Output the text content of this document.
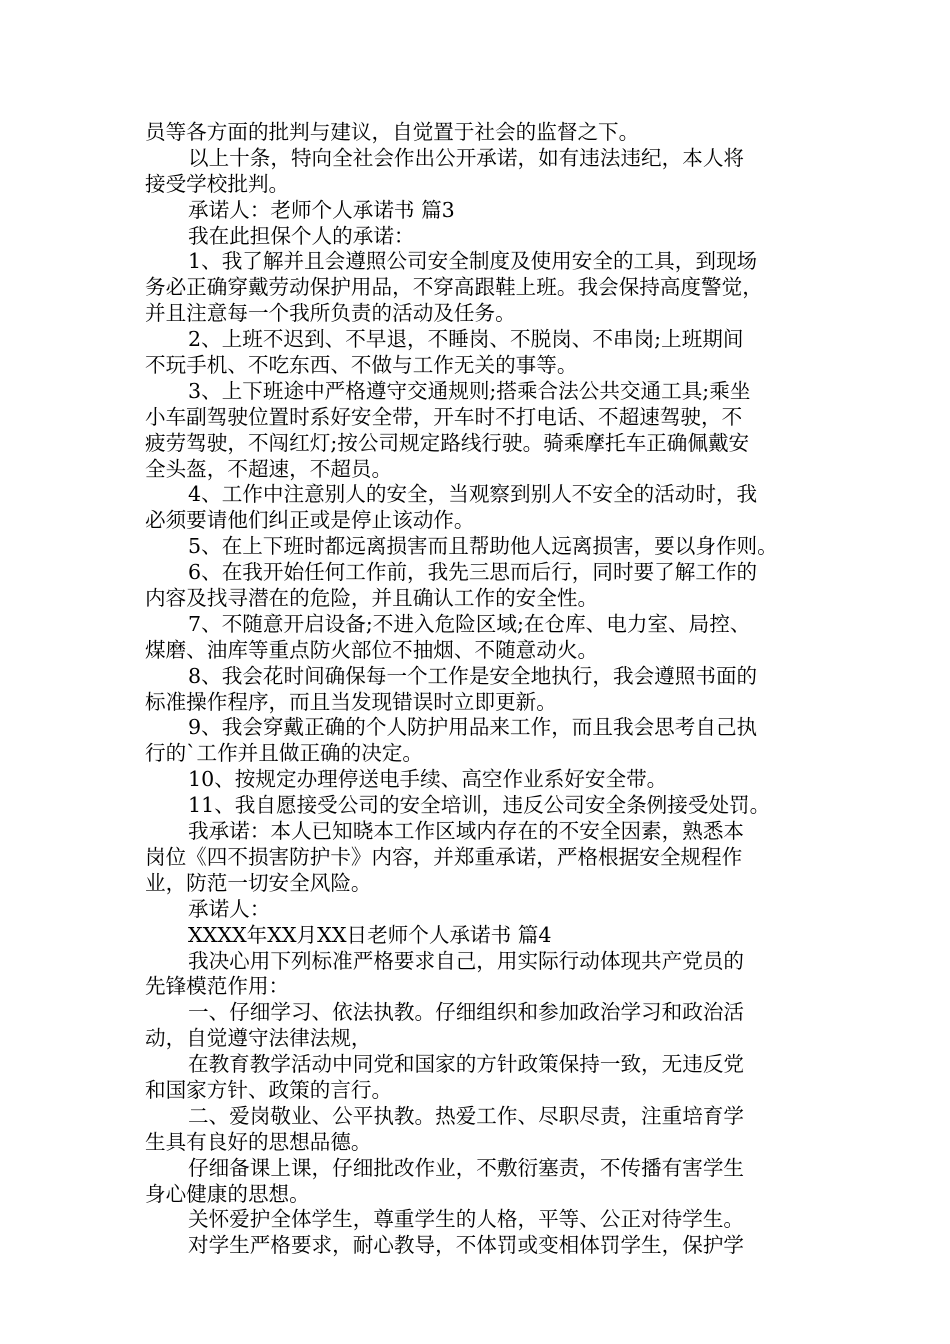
员等各方面的批判与建议，自觉置于社会的监督之下。
以上十条，特向全社会作出公开承诺，如有违法违纪，本人将
接受学校批判。
承诺人：老师个人承诺书 篇3
我在此担保个人的承诺：
1、我了解并且会遵照公司安全制度及使用安全的工具，到现场
务必正确穿戴劳动保护用品，不穿高跟鞋上班。我会保持高度警觉，
并且注意每一个我所负责的活动及任务。
2、上班不迟到、不早退，不睡岗、不脱岗、不串岗;上班期间
不玩手机、不吃东西、不做与工作无关的事等。
3、上下班途中严格遵守交通规则;搭乘合法公共交通工具;乘坐
小车副驾驶位置时系好安全带，开车时不打电话、不超速驾驶，不
疲劳驾驶，不闯红灯;按公司规定路线行驶。骑乘摩托车正确佩戴安
全头盔，不超速，不超员。
4、工作中注意别人的安全，当观察到别人不安全的活动时，我
必须要请他们纠正或是停止该动作。
5、在上下班时都远离损害而且帮助他人远离损害，要以身作则。
6、在我开始任何工作前，我先三思而后行，同时要了解工作的
内容及找寻潜在的危险，并且确认工作的安全性。
7、不随意开启设备;不进入危险区域;在仓库、电力室、局控、
煤磨、油库等重点防火部位不抽烟、不随意动火。
8、我会花时间确保每一个工作是安全地执行，我会遵照书面的
标准操作程序，而且当发现错误时立即更新。
9、我会穿戴正确的个人防护用品来工作，而且我会思考自己执
行的`工作并且做正确的决定。
10、按规定办理停送电手续、高空作业系好安全带。
11、我自愿接受公司的安全培训，违反公司安全条例接受处罚。
我承诺：本人已知晓本工作区域内存在的不安全因素，熟悉本
岗位《四不损害防护卡》内容，并郑重承诺，严格根据安全规程作
业，防范一切安全风险。
承诺人：
XXXX年XX月XX日老师个人承诺书 篇4
我决心用下列标准严格要求自己，用实际行动体现共产党员的
先锋模范作用：
一、仔细学习、依法执教。仔细组织和参加政治学习和政治活
动，自觉遵守法律法规，
在教育教学活动中同党和国家的方针政策保持一致，无违反党
和国家方针、政策的言行。
二、爱岗敬业、公平执教。热爱工作、尽职尽责，注重培育学
生具有良好的思想品德。
仔细备课上课，仔细批改作业，不敷衍塞责，不传播有害学生
身心健康的思想。
关怀爱护全体学生，尊重学生的人格，平等、公正对待学生。
对学生严格要求，耐心教导，不体罚或变相体罚学生，保护学
